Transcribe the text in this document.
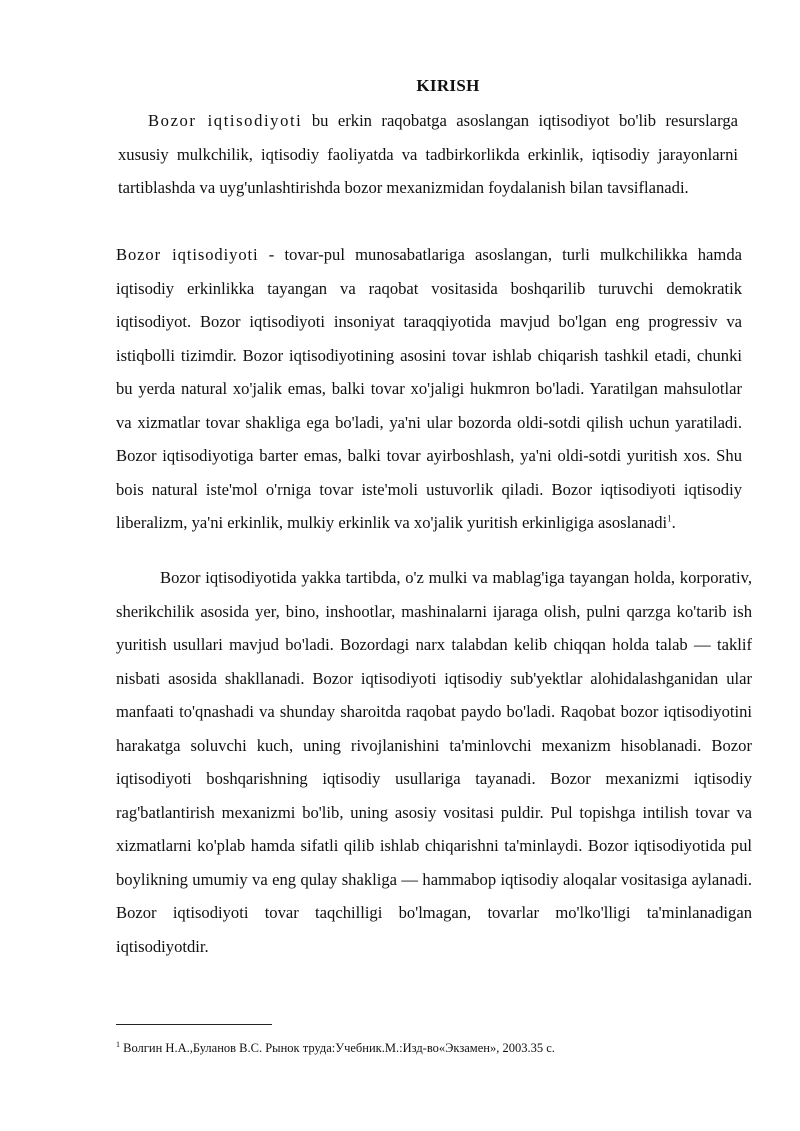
KIRISH

Bozor iqtisodiyoti bu erkin raqobatga asoslangan iqtisodiyot bo'lib resurslarga xususiy mulkchilik, iqtisodiy faoliyatda va tadbirkorlikda erkinlik, iqtisodiy jarayonlarni tartiblashda va uyg'unlashtirishda bozor mexanizmidan foydalanish bilan tavsiflanadi.

Bozor iqtisodiyoti - tovar-pul munosabatlariga asoslangan, turli mulkchilikka hamda iqtisodiy erkinlikka tayangan va raqobat vositasida boshqarilib turuvchi demokratik iqtisodiyot. Bozor iqtisodiyoti insoniyat taraqqiyotida mavjud bo'lgan eng progressiv va istiqbolli tizimdir. Bozor iqtisodiyotining asosini tovar ishlab chiqarish tashkil etadi, chunki bu yerda natural xo'jalik emas, balki tovar xo'jaligi hukmron bo'ladi. Yaratilgan mahsulotlar va xizmatlar tovar shakliga ega bo'ladi, ya'ni ular bozorda oldi-sotdi qilish uchun yaratiladi. Bozor iqtisodiyotiga barter emas, balki tovar ayirboshlash, ya'ni oldi-sotdi yuritish xos. Shu bois natural iste'mol o'rniga tovar iste'moli ustuvorlik qiladi. Bozor iqtisodiyoti iqtisodiy liberalizm, ya'ni erkinlik, mulkiy erkinlik va xo'jalik yuritish erkinligiga asoslanadi$^1$.

Bozor iqtisodiyotida yakka tartibda, o'z mulki va mablag'iga tayangan holda, korporativ, sherikchilik asosida yer, bino, inshootlar, mashinalarni ijaraga olish, pulni qarzga ko'tarib ish yuritish usullari mavjud bo'ladi. Bozordagi narx talabdan kelib chiqqan holda talab — taklif nisbati asosida shakllanadi. Bozor iqtisodiyoti iqtisodiy sub'yektlar alohidalashganidan ular manfaati to'qnashadi va shunday sharoitda raqobat paydo bo'ladi. Raqobat bozor iqtisodiyotini harakatga soluvchi kuch, uning rivojlanishini ta'minlovchi mexanizm hisoblanadi. Bozor iqtisodiyoti boshqarishning iqtisodiy usullariga tayanadi. Bozor mexanizmi iqtisodiy rag'batlantirish mexanizmi bo'lib, uning asosiy vositasi puldir. Pul topishga intilish tovar va xizmatlarni ko'plab hamda sifatli qilib ishlab chiqarishni ta'minlaydi. Bozor iqtisodiyotida pul boylikning umumiy va eng qulay shakliga — hammabop iqtisodiy aloqalar vositasiga aylanadi. Bozor iqtisodiyoti tovar taqchilligi bo'lmagan, tovarlar mo'lko'lligi ta'minlanadigan iqtisodiyotdir.

$^1$ Волгин Н.А.,Буланов В.С. Рынок труда:Учебник.М.:Изд-во«Экзамен», 2003.35 с.
